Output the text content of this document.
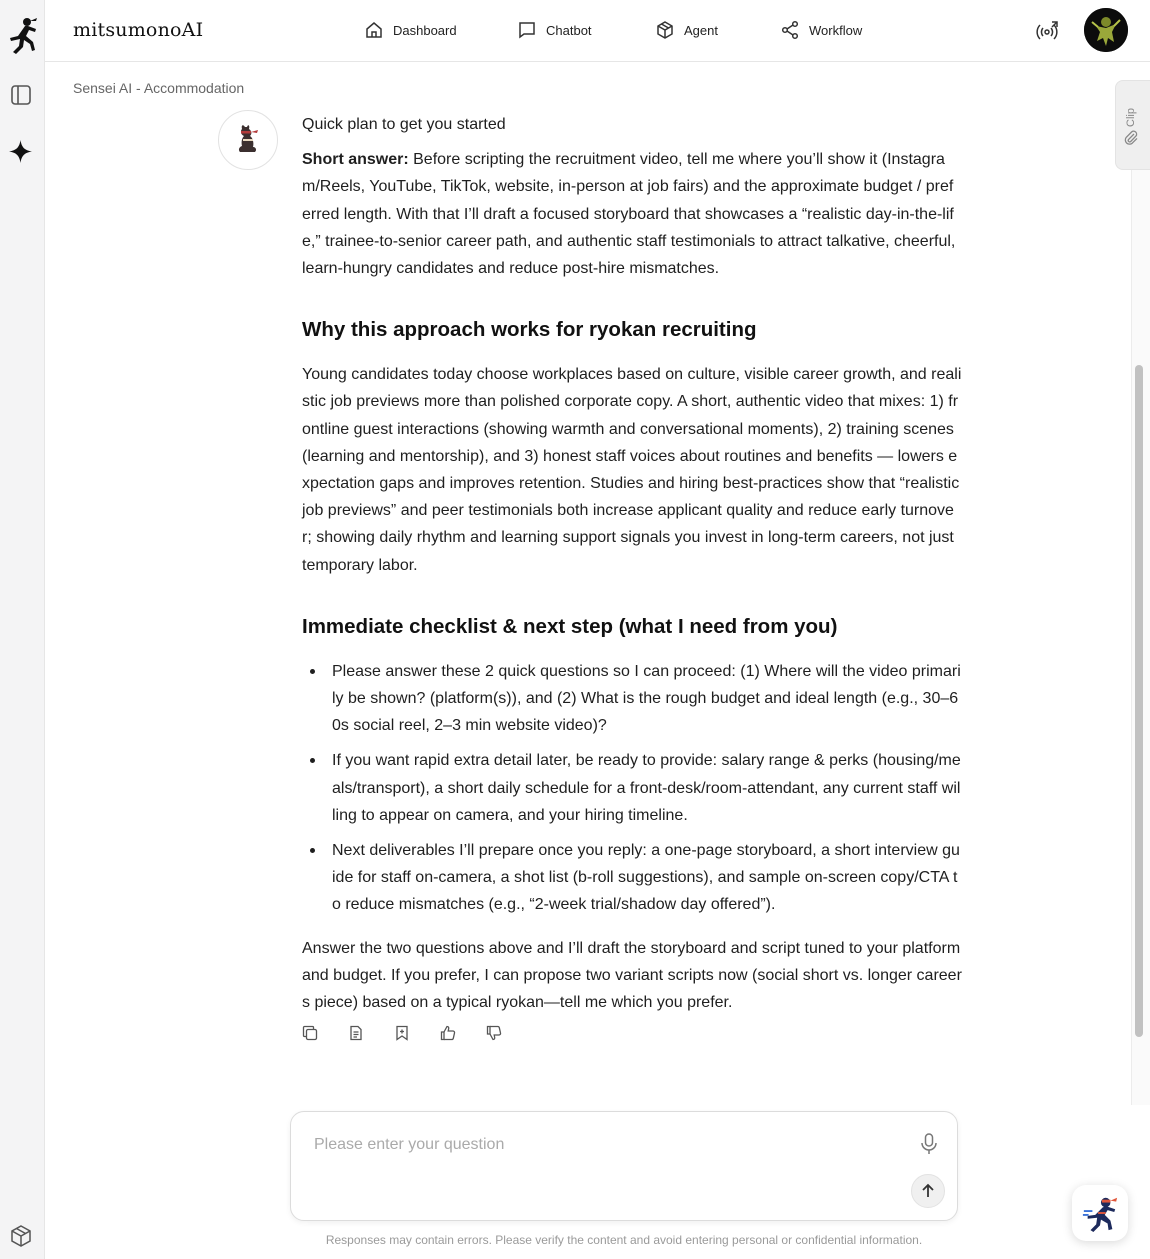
mitsumonoAI	Dashboard	Chatbot	Agent	Workflow
Sensei AI - Accommodation
Clip

Quick plan to get you started

Short answer: Before scripting the recruitment video, tell me where you’ll show it (Instagram/Reels, YouTube, TikTok, website, in-person at job fairs) and the approximate budget / preferred length. With that I’ll draft a focused storyboard that showcases a “realistic day-in-the-life,” trainee-to-senior career path, and authentic staff testimonials to attract talkative, cheerful, learn-hungry candidates and reduce post-hire mismatches.

Why this approach works for ryokan recruiting

Young candidates today choose workplaces based on culture, visible career growth, and realistic job previews more than polished corporate copy. A short, authentic video that mixes: 1) frontline guest interactions (showing warmth and conversational moments), 2) training scenes (learning and mentorship), and 3) honest staff voices about routines and benefits — lowers expectation gaps and improves retention. Studies and hiring best-practices show that “realistic job previews” and peer testimonials both increase applicant quality and reduce early turnover; showing daily rhythm and learning support signals you invest in long-term careers, not just temporary labor.

Immediate checklist & next step (what I need from you)
Please answer these 2 quick questions so I can proceed: (1) Where will the video primarily be shown? (platform(s)), and (2) What is the rough budget and ideal length (e.g., 30–60s social reel, 2–3 min website video)?
If you want rapid extra detail later, be ready to provide: salary range & perks (housing/meals/transport), a short daily schedule for a front-desk/room-attendant, any current staff willing to appear on camera, and your hiring timeline.
Next deliverables I’ll prepare once you reply: a one-page storyboard, a short interview guide for staff on-camera, a shot list (b-roll suggestions), and sample on-screen copy/CTA to reduce mismatches (e.g., “2-week trial/shadow day offered”).

Answer the two questions above and I’ll draft the storyboard and script tuned to your platform and budget. If you prefer, I can propose two variant scripts now (social short vs. longer careers piece) based on a typical ryokan—tell me which you prefer.

Please enter your question
Responses may contain errors. Please verify the content and avoid entering personal or confidential information.
